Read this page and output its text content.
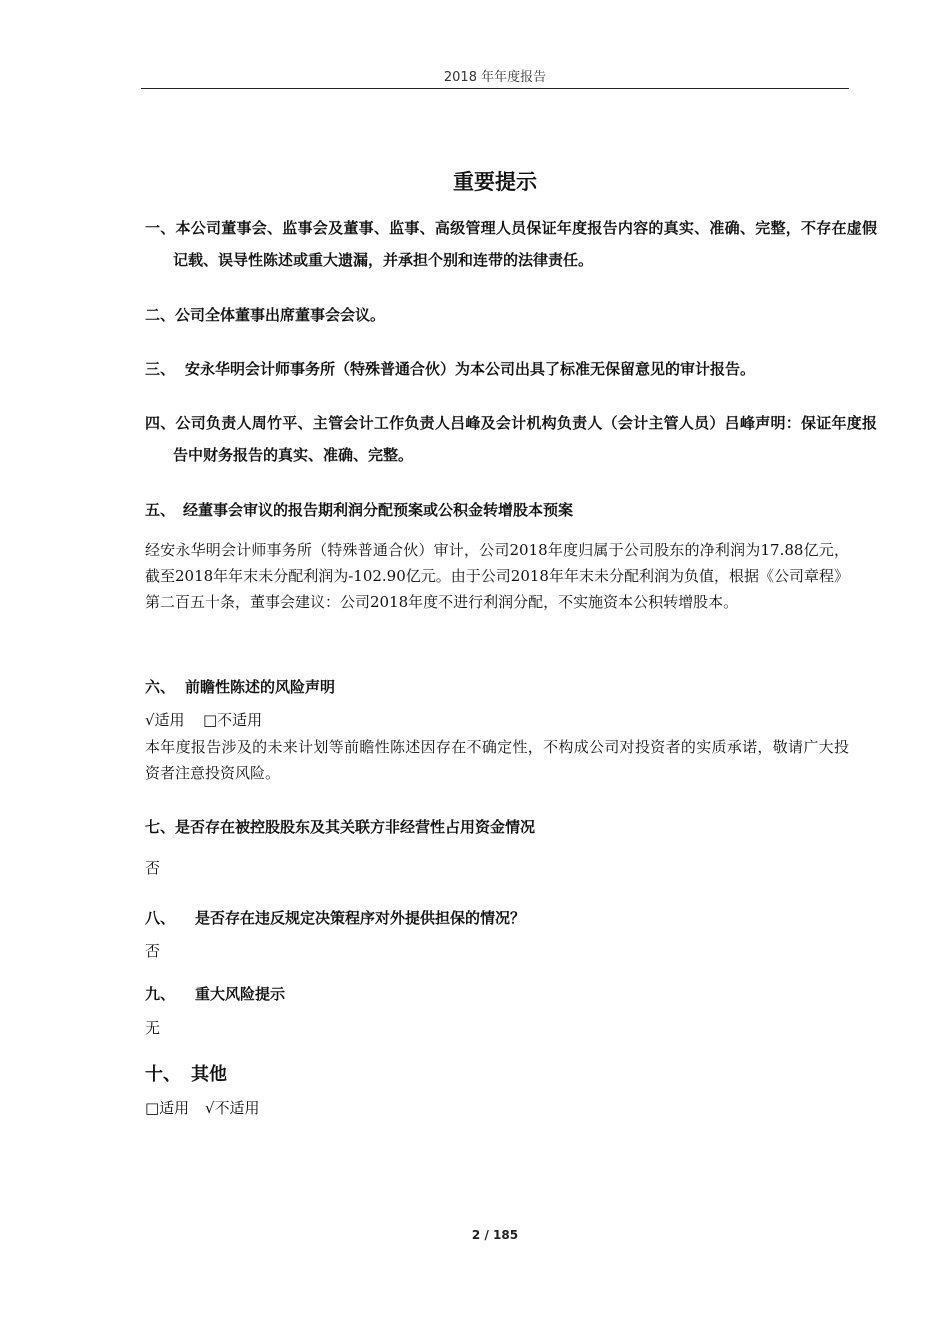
2018 年年度报告
重要提示
一、本公司董事会、监事会及董事、监事、高级管理人员保证年度报告内容的真实、准确、完整，不存在虚假记载、误导性陈述或重大遗漏，并承担个别和连带的法律责任。
二、公司全体董事出席董事会会议。
三、 安永华明会计师事务所（特殊普通合伙）为本公司出具了标准无保留意见的审计报告。
四、公司负责人周竹平、主管会计工作负责人吕峰及会计机构负责人（会计主管人员）吕峰声明：保证年度报告中财务报告的真实、准确、完整。
五、 经董事会审议的报告期利润分配预案或公积金转增股本预案
经安永华明会计师事务所（特殊普通合伙）审计，公司2018年度归属于公司股东的净利润为17.88亿元，截至2018年年末未分配利润为-102.90亿元。由于公司2018年年末未分配利润为负值，根据《公司章程》第二百五十条，董事会建议：公司2018年度不进行利润分配，不实施资本公积转增股本。
六、 前瞻性陈述的风险声明
√适用 □不适用
本年度报告涉及的未来计划等前瞻性陈述因存在不确定性，不构成公司对投资者的实质承诺，敬请广大投资者注意投资风险。
七、是否存在被控股股东及其关联方非经营性占用资金情况
否
八、 是否存在违反规定决策程序对外提供担保的情况？
否
九、 重大风险提示
无
十、 其他
□适用 √不适用
2 / 185
